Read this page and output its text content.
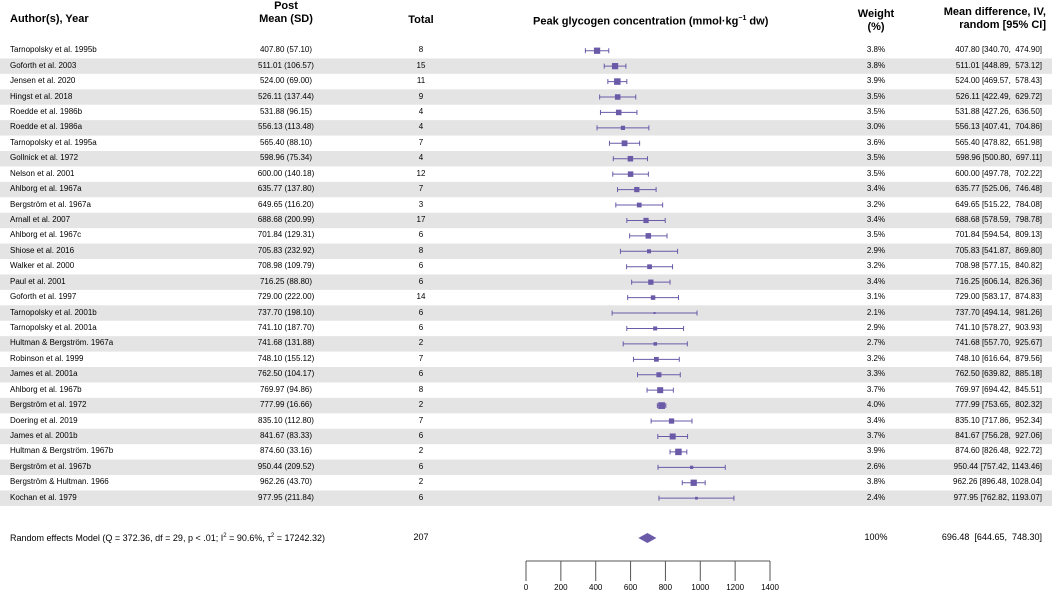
0	200	400	600	800 1000 1200 1400
Author(s), Year
Post
Mean (SD)	Total	Peak glycogen concentration ($mmol\cdot kg^{-1}$ dw)
Weight
(%)
Mean difference, IV,
random [95% CI]
Tarnopolsky et al. 1995b	407.80 (57.10)	8	3.8%	407.80 [340.70,  474.90]
Goforth et al. 2003	511.01 (106.57)	15	3.8%	511.01 [448.89,  573.12]
Jensen et al. 2020	524.00 (69.00)	11	3.9%	524.00 [469.57,  578.43]
Hingst et al. 2018	526.11 (137.44)	9	3.5%	526.11 [422.49,  629.72]
Roedde et al. 1986b	531.88 (96.15)	4	3.5%	531.88 [427.26,  636.50]
Roedde et al. 1986a	556.13 (113.48)	4	3.0%	556.13 [407.41,  704.86]
Tarnopolsky et al. 1995a	565.40 (88.10)	7	3.6%	565.40 [478.82,  651.98]
Gollnick et al. 1972	598.96 (75.34)	4	3.5%	598.96 [500.80,  697.11]
Nelson et al. 2001	600.00 (140.18)	12	3.5%	600.00 [497.78,  702.22]
Ahlborg et al. 1967a	635.77 (137.80)	7	3.4%	635.77 [525.06,  746.48]
Bergström et al. 1967a	649.65 (116.20)	3	3.2%	649.65 [515.22,  784.08]
Arnall et al. 2007	688.68 (200.99)	17	3.4%	688.68 [578.59,  798.78]
Ahlborg et al. 1967c	701.84 (129.31)	6	3.5%	701.84 [594.54,  809.13]
Shiose et al. 2016	705.83 (232.92)	8	2.9%	705.83 [541.87,  869.80]
Walker et al. 2000	708.98 (109.79)	6	3.2%	708.98 [577.15,  840.82]
Paul et al. 2001	716.25 (88.80)	6	3.4%	716.25 [606.14,  826.36]
Goforth et al. 1997	729.00 (222.00)	14	3.1%	729.00 [583.17,  874.83]
Tarnopolsky et al. 2001b	737.70 (198.10)	6	2.1%	737.70 [494.14,  981.26]
Tarnopolsky et al. 2001a	741.10 (187.70)	6	2.9%	741.10 [578.27,  903.93]
Hultman & Bergström. 1967a	741.68 (131.88)	2	2.7%	741.68 [557.70,  925.67]
Robinson et al. 1999	748.10 (155.12)	7	3.2%	748.10 [616.64,  879.56]
James et al. 2001a	762.50 (104.17)	6	3.3%	762.50 [639.82,  885.18]
Ahlborg et al. 1967b	769.97 (94.86)	8	3.7%	769.97 [694.42,  845.51]
Bergström et al. 1972	777.99 (16.66)	2	4.0%	777.99 [753.65,  802.32]
Doering et al. 2019	835.10 (112.80)	7	3.4%	835.10 [717.86,  952.34]
James et al. 2001b	841.67 (83.33)	6	3.7%	841.67 [756.28,  927.06]
Hultman & Bergström. 1967b	874.60 (33.16)	2	3.9%	874.60 [826.48,  922.72]
Bergström et al. 1967b	950.44 (209.52)	6	2.6%	950.44 [757.42, 1143.46]
Bergström & Hultman. 1966	962.26 (43.70)	2	3.8%	962.26 [896.48, 1028.04]
Kochan et al. 1979	977.95 (211.84)	6	2.4%	977.95 [762.82, 1193.07]
Random effects Model (Q = 372.36, df = 29, p < .01; $I^2 = 90.6\%$, $\tau^2 = 17242.32$)	207	100%	696.48  [644.65,  748.30]
